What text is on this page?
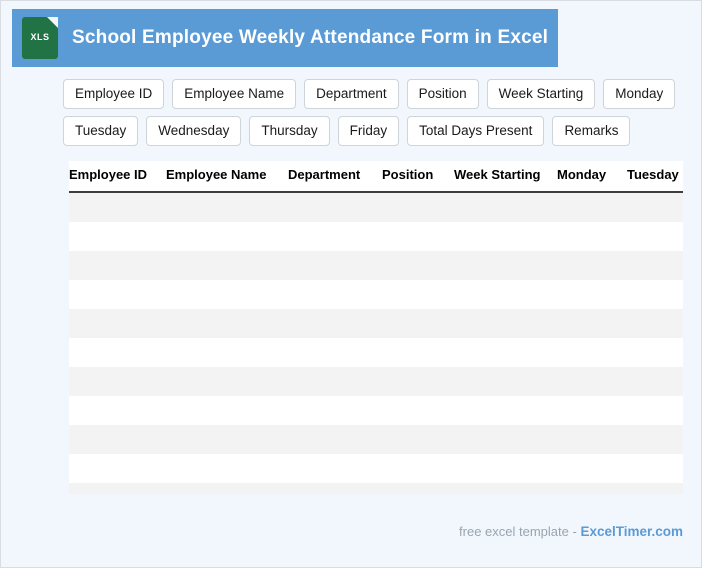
XLS	School Employee Weekly Attendance Form in Excel
Employee ID	Employee Name	Department	Position	Week Starting	Monday
Tuesday	Wednesday	Thursday	Friday	Total Days Present	Remarks
Employee ID	Employee Name	Department	Position	Week Starting	Monday	Tuesday

free excel template - ExcelTimer.com
